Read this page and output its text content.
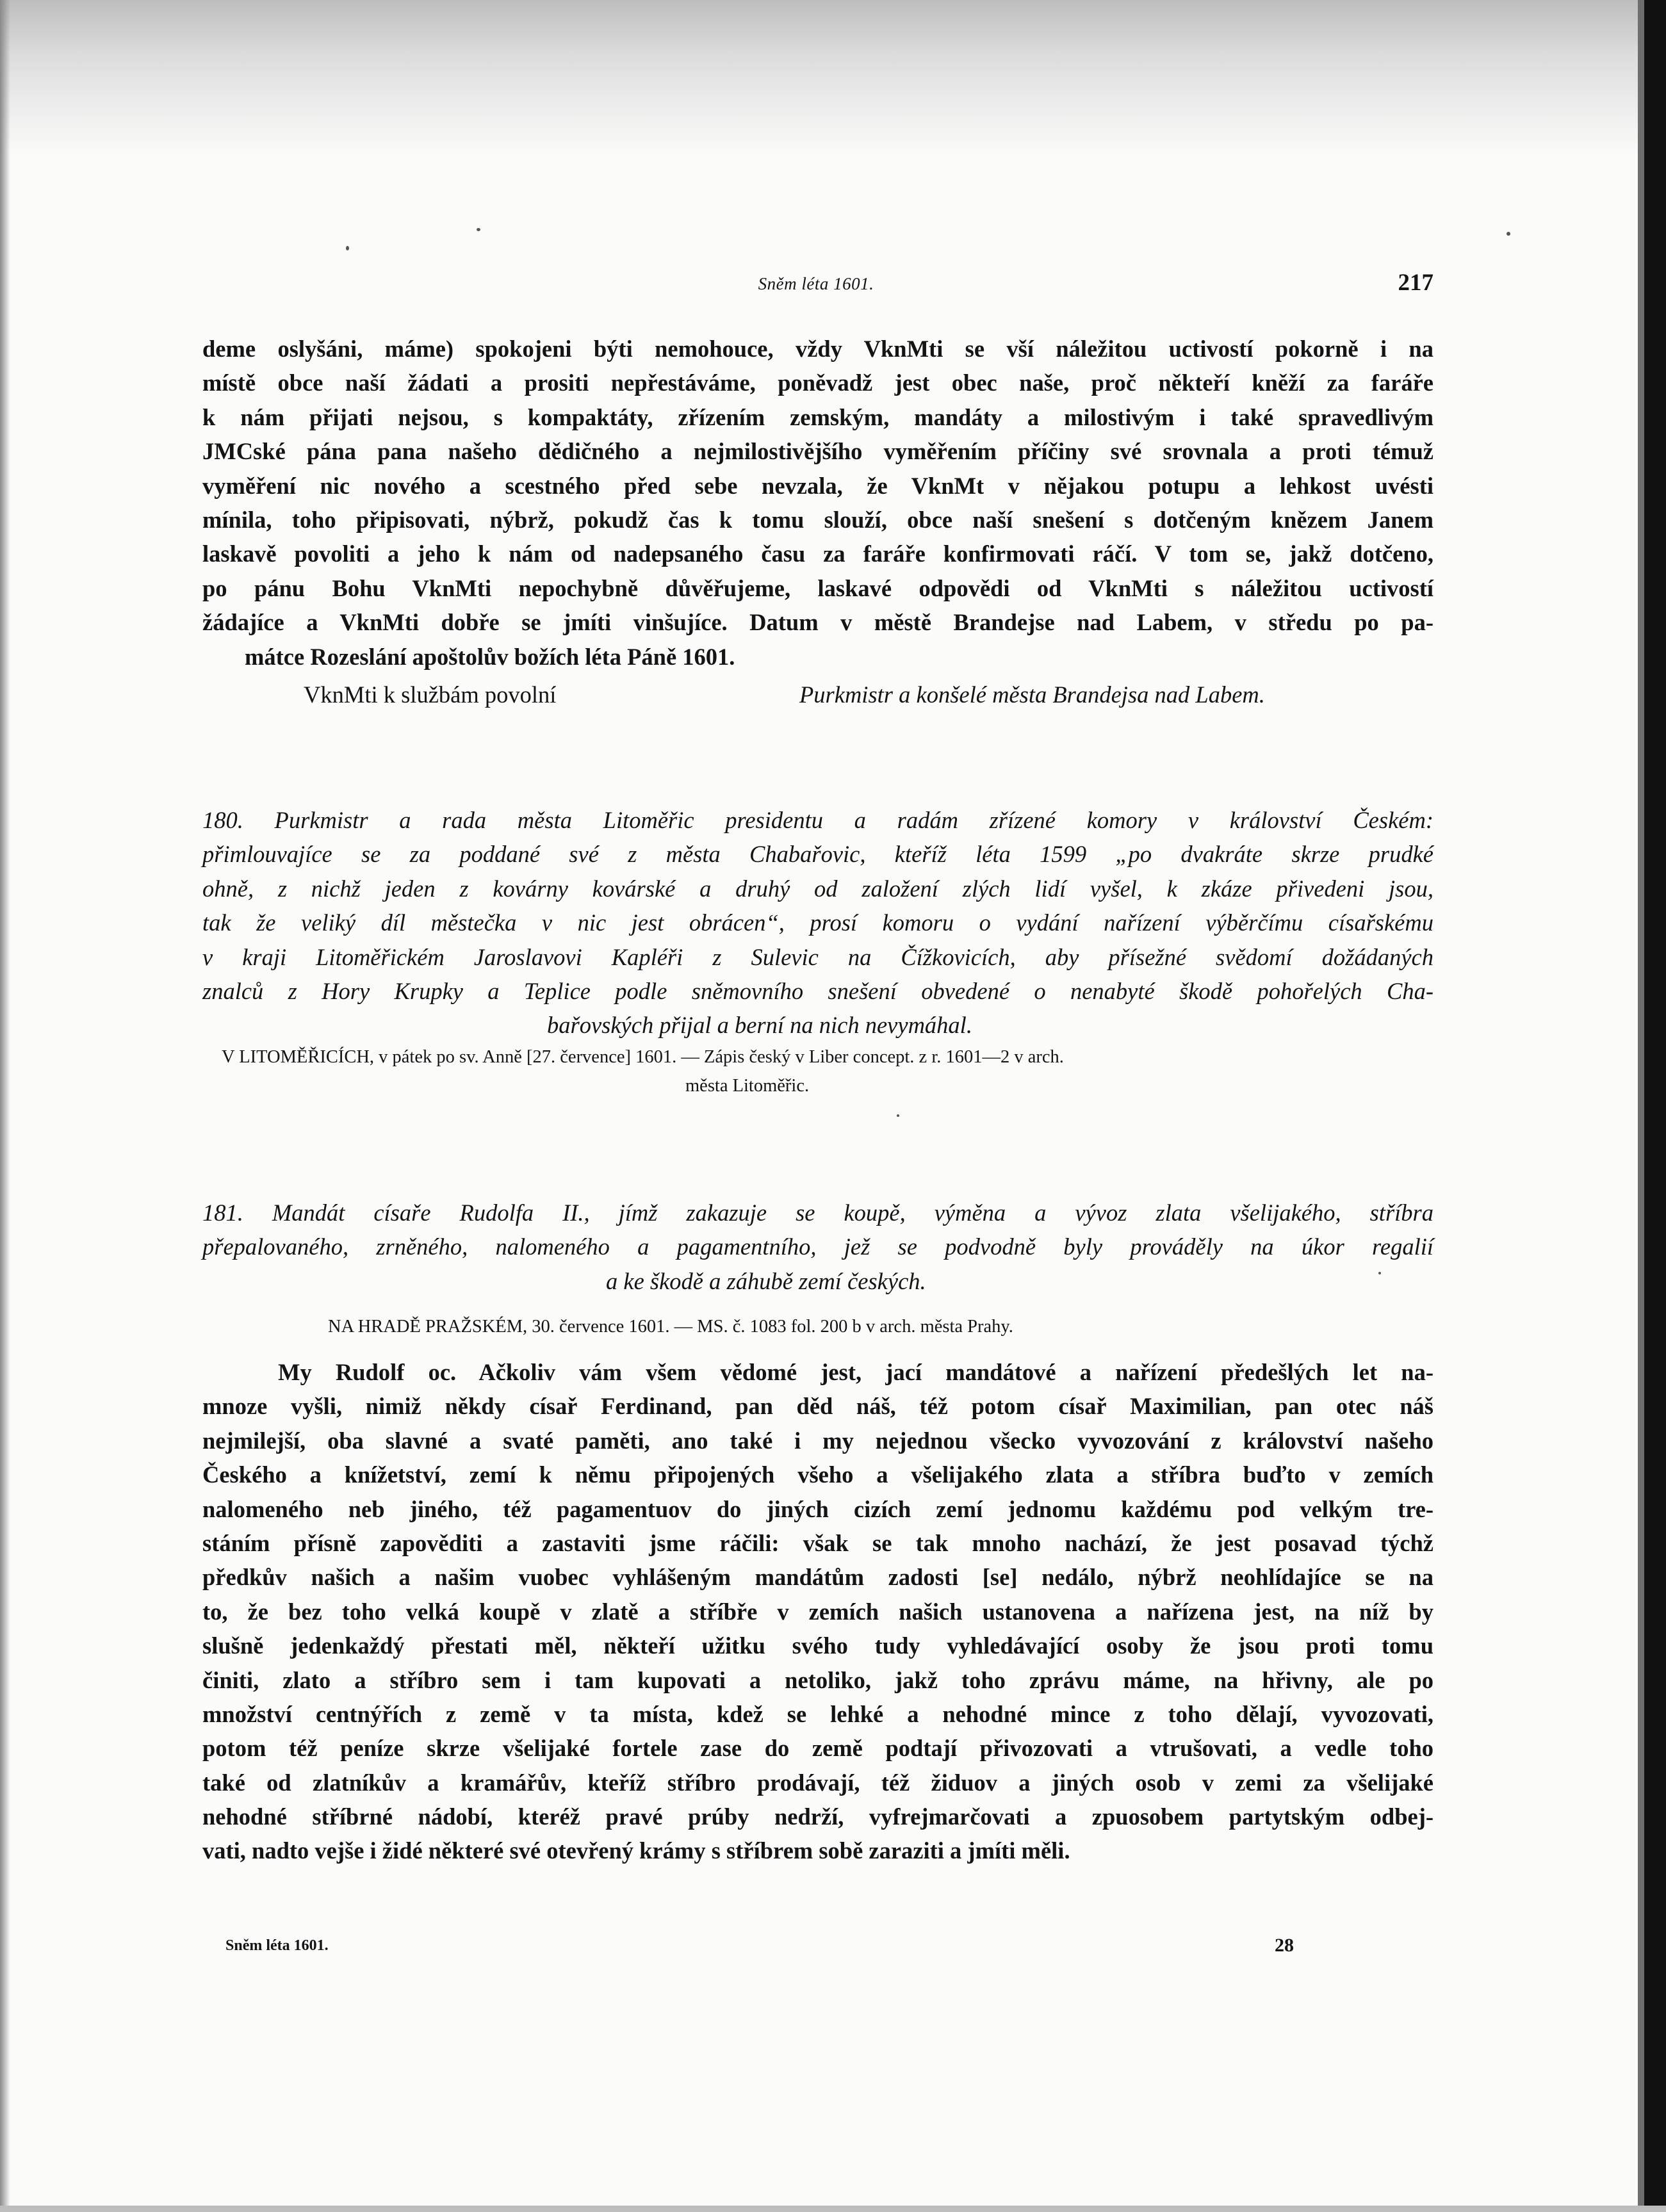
Sněm léta 1601.	217
deme oslyšáni, máme) spokojeni býti nemohouce, vždy VknMti se vší náležitou uctivostí pokorně i na
místě obce naší žádati a prositi nepřestáváme, poněvadž jest obec naše, proč někteří kněží za faráře
k nám přijati nejsou, s kompaktáty, zřízením zemským, mandáty a milostivým i také spravedlivým
JMCské pána pana našeho dědičného a nejmilostivějšího vyměřením příčiny své srovnala a proti témuž
vyměření nic nového a scestného před sebe nevzala, že VknMt v nějakou potupu a lehkost uvésti
mínila, toho připisovati, nýbrž, pokudž čas k tomu slouží, obce naší snešení s dotčeným knězem Janem
laskavě povoliti a jeho k nám od nadepsaného času za faráře konfirmovati ráčí. V tom se, jakž dotčeno,
po pánu Bohu VknMti nepochybně důvěřujeme, laskavé odpovědi od VknMti s náležitou uctivostí
žádajíce a VknMti dobře se jmíti vinšujíce. Datum v městě Brandejse nad Labem, v středu po pa-
mátce Rozeslání apoštolův božích léta Páně 1601.
VknMti k službám povolní	Purkmistr a konšelé města Brandejsa nad Labem.
180. Purkmistr a rada města Litoměřic presidentu a radám zřízené komory v království Českém:
přimlouvajíce se za poddané své z města Chabařovic, kteříž léta 1599 „po dvakráte skrze prudké
ohně, z nichž jeden z kovárny kovárské a druhý od založení zlých lidí vyšel, k zkáze přivedeni jsou,
tak že veliký díl městečka v nic jest obrácen“, prosí komoru o vydání nařízení výběrčímu císařskému
v kraji Litoměřickém Jaroslavovi Kapléři z Sulevic na Čížkovicích, aby přísežné svědomí dožádaných
znalců z Hory Krupky a Teplice podle sněmovního snešení obvedené o nenabyté škodě pohořelých Cha-
bařovských přijal a berní na nich nevymáhal.
V LITOMĚŘICÍCH, v pátek po sv. Anně [27. července] 1601. — Zápis český v Liber concept. z r. 1601—2 v arch.
města Litoměřic.
181. Mandát císaře Rudolfa II., jímž zakazuje se koupě, výměna a vývoz zlata všelijakého, stříbra
přepalovaného, zrněného, nalomeného a pagamentního, jež se podvodně byly prováděly na úkor regalií
a ke škodě a záhubě zemí českých.
NA HRADĚ PRAŽSKÉM, 30. července 1601. — MS. č. 1083 fol. 200 b v arch. města Prahy.
My Rudolf oc. Ačkoliv vám všem vědomé jest, jací mandátové a nařízení předešlých let na-
mnoze vyšli, nimiž někdy císař Ferdinand, pan děd náš, též potom císař Maximilian, pan otec náš
nejmilejší, oba slavné a svaté paměti, ano také i my nejednou všecko vyvozování z království našeho
Českého a knížetství, zemí k němu připojených všeho a všelijakého zlata a stříbra buďto v zemích
nalomeného neb jiného, též pagamentuov do jiných cizích zemí jednomu každému pod velkým tre-
stáním přísně zapověditi a zastaviti jsme ráčili: však se tak mnoho nachází, že jest posavad týchž
předkův našich a našim vuobec vyhlášeným mandátům zadosti [se] nedálo, nýbrž neohlídajíce se na
to, že bez toho velká koupě v zlatě a stříbře v zemích našich ustanovena a nařízena jest, na níž by
slušně jedenkaždý přestati měl, někteří užitku svého tudy vyhledávající osoby že jsou proti tomu
činiti, zlato a stříbro sem i tam kupovati a netoliko, jakž toho zprávu máme, na hřivny, ale po
množství centnýřích z země v ta místa, kdež se lehké a nehodné mince z toho dělají, vyvozovati,
potom též peníze skrze všelijaké fortele zase do země podtají přivozovati a vtrušovati, a vedle toho
také od zlatníkův a kramářův, kteříž stříbro prodávají, též židuov a jiných osob v zemi za všelijaké
nehodné stříbrné nádobí, kteréž pravé prúby nedrží, vyfrejmarčovati a zpuosobem partytským odbej-
vati, nadto vejše i židé některé své otevřený krámy s stříbrem sobě zaraziti a jmíti měli.
Sněm léta 1601.	28
